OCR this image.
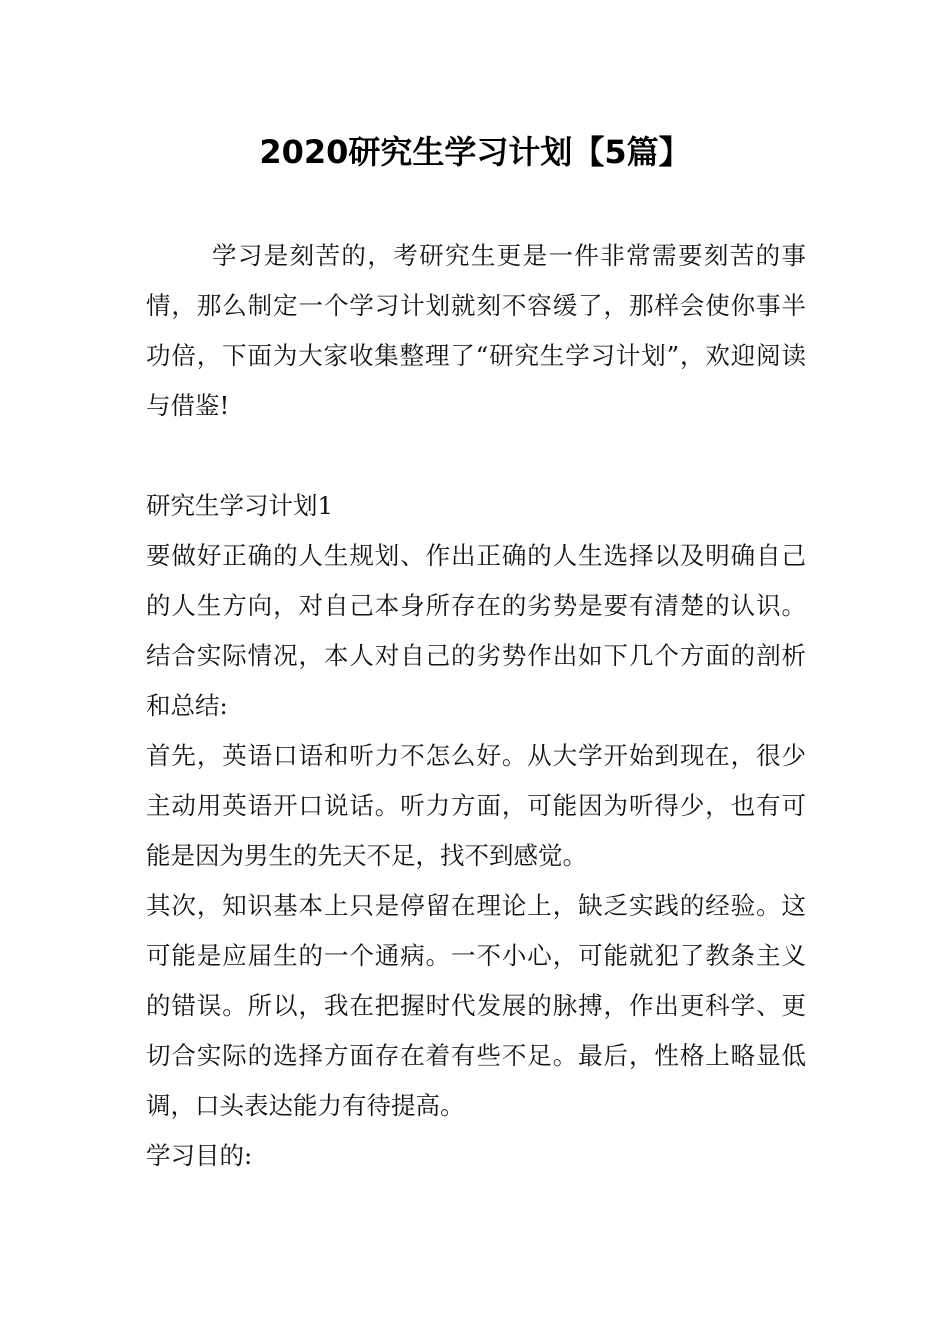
2020研究生学习计划【5篇】

学习是刻苦的，考研究生更是一件非常需要刻苦的事情，那么制定一个学习计划就刻不容缓了，那样会使你事半功倍，下面为大家收集整理了“研究生学习计划”，欢迎阅读与借鉴!

研究生学习计划1

要做好正确的人生规划、作出正确的人生选择以及明确自己的人生方向，对自己本身所存在的劣势是要有清楚的认识。结合实际情况，本人对自己的劣势作出如下几个方面的剖析和总结:

首先，英语口语和听力不怎么好。从大学开始到现在，很少主动用英语开口说话。听力方面，可能因为听得少，也有可能是因为男生的先天不足，找不到感觉。

其次，知识基本上只是停留在理论上，缺乏实践的经验。这可能是应届生的一个通病。一不小心，可能就犯了教条主义的错误。所以，我在把握时代发展的脉搏，作出更科学、更切合实际的选择方面存在着有些不足。最后，性格上略显低调，口头表达能力有待提高。

学习目的:
